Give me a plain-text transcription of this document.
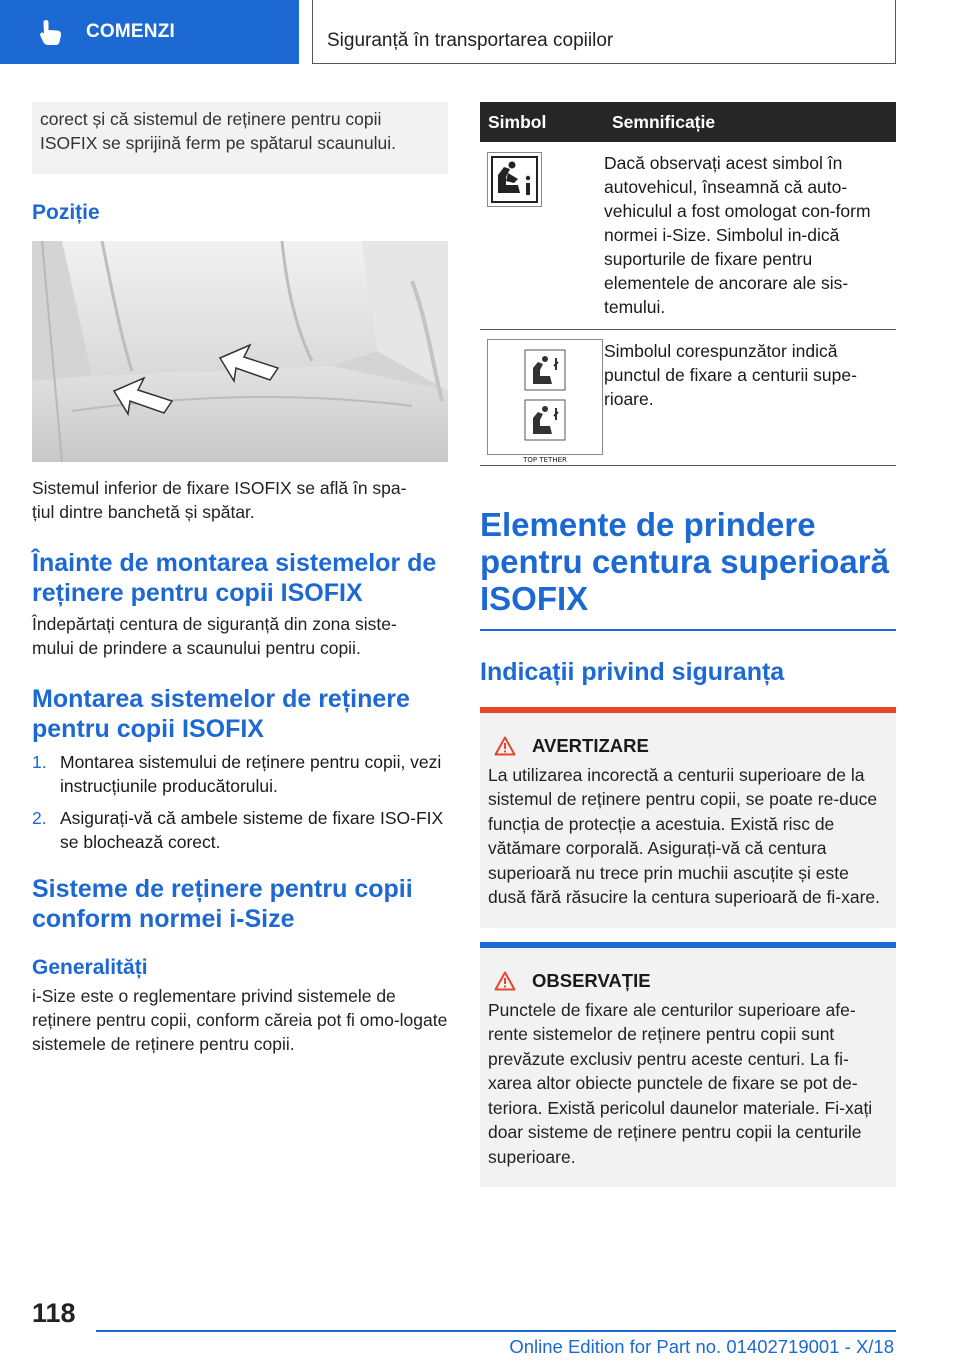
COMENZI	Siguranță în transportarea copiilor
corect și că sistemul de reținere pentru copii ISOFIX se sprijină ferm pe spătarul scaunului.
Poziție
Sistemul inferior de fixare ISOFIX se află în spa-
țiul dintre banchetă și spătar.
Înainte de montarea sistemelor de reținere pentru copii ISOFIX
Îndepărtați centura de siguranță din zona siste-
mului de prindere a scaunului pentru copii.
Montarea sistemelor de reținere pentru copii ISOFIX
1. Montarea sistemului de reținere pentru copii, vezi instrucțiunile producătorului.
2. Asigurați-vă că ambele sisteme de fixare ISO-FIX se blochează corect.
Sisteme de reținere pentru copii conform normei i-Size
Generalități
i-Size este o reglementare privind sistemele de reținere pentru copii, conform căreia pot fi omo-logate sistemele de reținere pentru copii.
Simbol	Semnificație

	Dacă observați acest simbol în autovehicul, înseamnă că auto-vehiculul a fost omologat con-form normei i-Size. Simbolul in-dică suporturile de fixare pentru elementele de ancorare ale sis-temului.

TOP TETHER	Simbolul corespunzător indică punctul de fixare a centurii supe-rioare.
Elemente de prindere pentru centura superioară ISOFIX
Indicații privind siguranța
AVERTIZARE
La utilizarea incorectă a centurii superioare de la sistemul de reținere pentru copii, se poate re-duce funcția de protecție a acestuia. Există risc de vătămare corporală. Asigurați-vă că centura superioară nu trece prin muchii ascuțite și este dusă fără răsucire la centura superioară de fi-xare.
OBSERVAȚIE
Punctele de fixare ale centurilor superioare afe-rente sistemelor de reținere pentru copii sunt prevăzute exclusiv pentru aceste centuri. La fi-xarea altor obiecte punctele de fixare se pot de-teriora. Există pericolul daunelor materiale. Fi-xați doar sisteme de reținere pentru copii la centurile superioare.
118
Online Edition for Part no. 01402719001 - X/18
